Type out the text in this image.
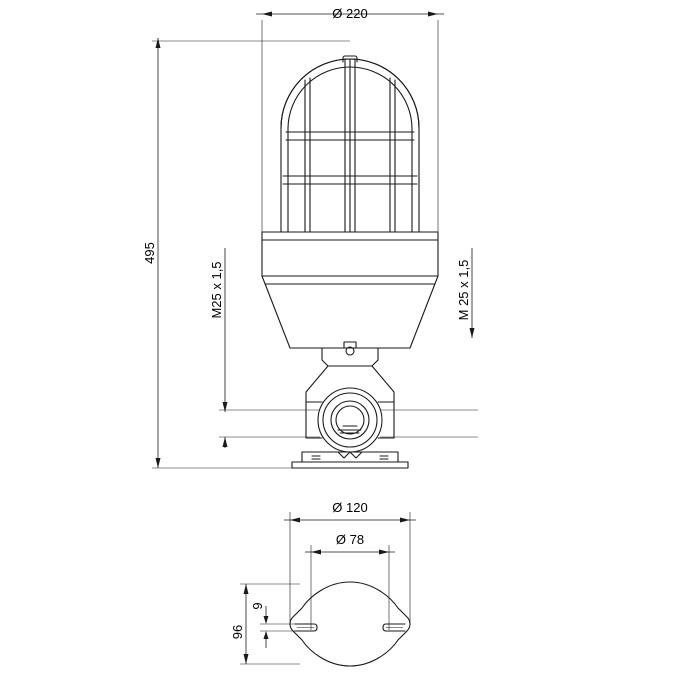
Ø 220
495
M25 x 1,5	M 25 x 1,5
Ø 120
Ø 78
96
9
